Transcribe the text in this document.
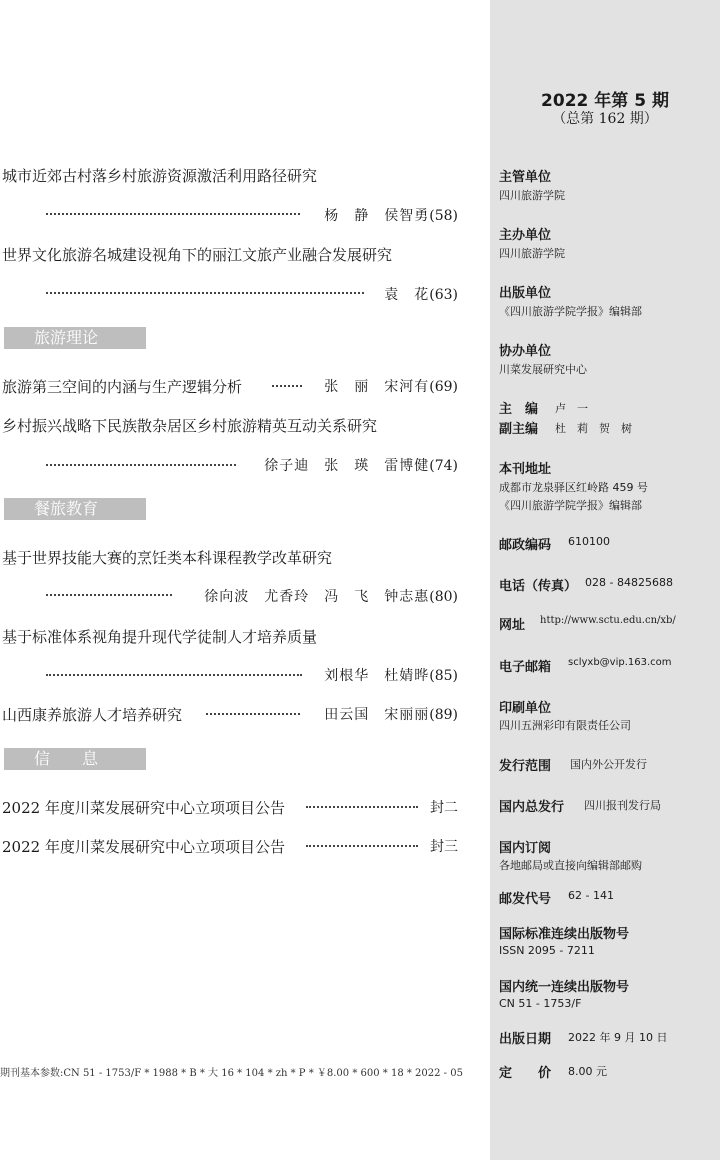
2022 年第 5 期
（总第 162 期）
城市近郊古村落乡村旅游资源激活利用路径研究
杨　静　侯智勇(58)
世界文化旅游名城建设视角下的丽江文旅产业融合发展研究
袁　花(63)
旅游理论
旅游第三空间的内涵与生产逻辑分析	张　丽　宋河有(69)
乡村振兴战略下民族散杂居区乡村旅游精英互动关系研究
徐子迪　张　瑛　雷博健(74)
餐旅教育
基于世界技能大赛的烹饪类本科课程教学改革研究
徐向波　尤香玲　冯　飞　钟志惠(80)
基于标准体系视角提升现代学徒制人才培养质量
刘根华　杜婧晔(85)
山西康养旅游人才培养研究	田云国　宋丽丽(89)
信　　息
2022 年度川菜发展研究中心立项项目公告	封二
2022 年度川菜发展研究中心立项项目公告	封三
主管单位
四川旅游学院
主办单位
四川旅游学院
出版单位
《四川旅游学院学报》编辑部
协办单位
川菜发展研究中心
主　编 卢　一
副主编 杜　莉　贺　树
本刊地址
成都市龙泉驿区红岭路 459 号
《四川旅游学院学报》编辑部
邮政编码 610100
电话（传真） 028 - 84825688
网址 http://www.sctu.edu.cn/xb/
电子邮箱 sclyxb@vip.163.com
印刷单位
四川五洲彩印有限责任公司
发行范围 国内外公开发行
国内总发行 四川报刊发行局
国内订阅
各地邮局或直接向编辑部邮购
邮发代号 62 - 141
国际标准连续出版物号
ISSN 2095 - 7211
国内统一连续出版物号
CN 51 - 1753/F
出版日期 2022 年 9 月 10 日
定　　价 8.00 元
期刊基本参数:CN 51 - 1753/F * 1988 * B * 大 16 * 104 * zh * P * ￥8.00 * 600 * 18 * 2022 - 05
